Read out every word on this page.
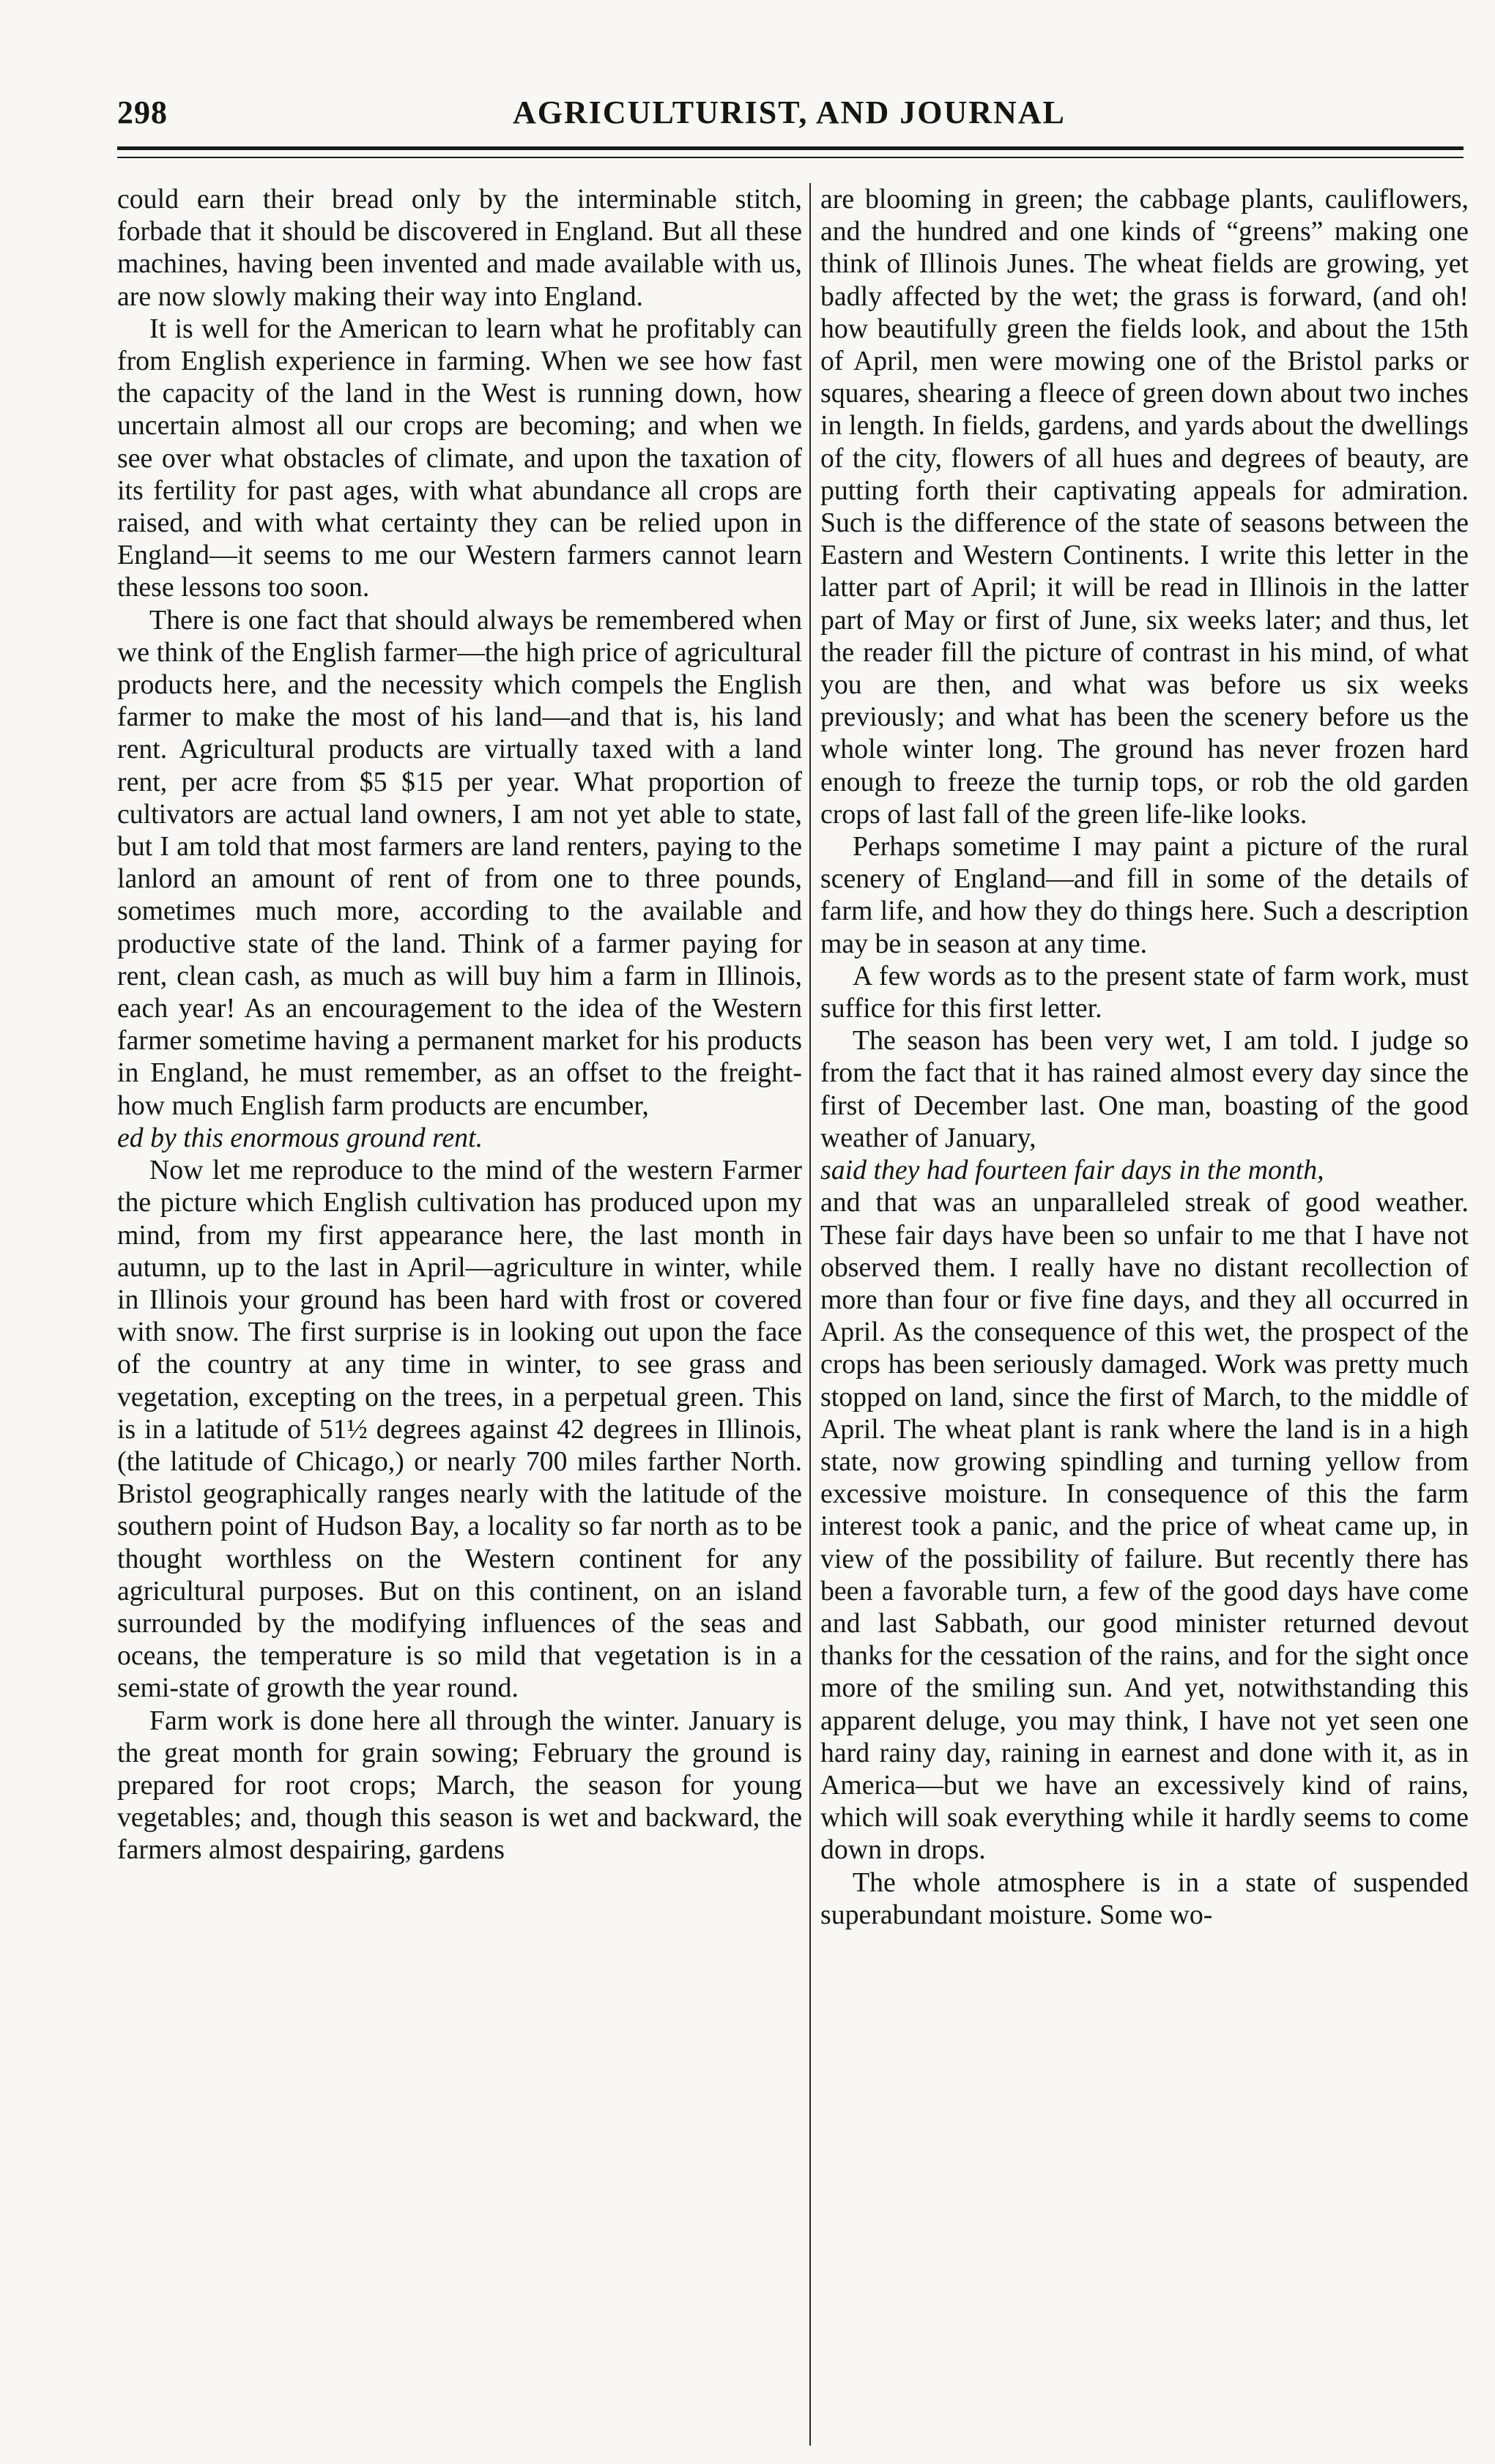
298	AGRICULTURIST, AND JOURNAL

could earn their bread only by the interminable stitch, forbade that it should be discovered in England. But all these machines, having been invented and made available with us, are now slowly making their way into England.

It is well for the American to learn what he profitably can from English experience in farming. When we see how fast the capacity of the land in the West is running down, how uncertain almost all our crops are becoming; and when we see over what obstacles of climate, and upon the taxation of its fertility for past ages, with what abundance all crops are raised, and with what certainty they can be relied upon in England—it seems to me our Western farmers cannot learn these lessons too soon.

There is one fact that should always be remembered when we think of the English farmer—the high price of agricultural products here, and the necessity which compels the English farmer to make the most of his land—and that is, his land rent. Agricultural products are virtually taxed with a land rent, per acre from $5 $15 per year. What proportion of cultivators are actual land owners, I am not yet able to state, but I am told that most farmers are land renters, paying to the lanlord an amount of rent of from one to three pounds, sometimes much more, according to the available and productive state of the land. Think of a farmer paying for rent, clean cash, as much as will buy him a farm in Illinois, each year! As an encouragement to the idea of the Western farmer sometime having a permanent market for his products in England, he must remember, as an offset to the freight- how much English farm products are encumber,

ed by this enormous ground rent.

Now let me reproduce to the mind of the western Farmer the picture which English cultivation has produced upon my mind, from my first appearance here, the last month in autumn, up to the last in April—agriculture in winter, while in Illinois your ground has been hard with frost or covered with snow. The first surprise is in looking out upon the face of the country at any time in winter, to see grass and vegetation, excepting on the trees, in a perpetual green. This is in a latitude of 51½ degrees against 42 degrees in Illinois, (the latitude of Chicago,) or nearly 700 miles farther North. Bristol geographically ranges nearly with the latitude of the southern point of Hudson Bay, a locality so far north as to be thought worthless on the Western continent for any agricultural purposes. But on this continent, on an island surrounded by the modifying influences of the seas and oceans, the temperature is so mild that vegetation is in a semi-state of growth the year round.

Farm work is done here all through the winter. January is the great month for grain sowing; February the ground is prepared for root crops; March, the season for young vegetables; and, though this season is wet and backward, the farmers almost despairing, gardens

are blooming in green; the cabbage plants, cauliflowers, and the hundred and one kinds of “greens” making one think of Illinois Junes. The wheat fields are growing, yet badly affected by the wet; the grass is forward, (and oh! how beautifully green the fields look, and about the 15th of April, men were mowing one of the Bristol parks or squares, shearing a fleece of green down about two inches in length. In fields, gardens, and yards about the dwellings of the city, flowers of all hues and degrees of beauty, are putting forth their captivating appeals for admiration. Such is the difference of the state of seasons between the Eastern and Western Continents. I write this letter in the latter part of April; it will be read in Illinois in the latter part of May or first of June, six weeks later; and thus, let the reader fill the picture of contrast in his mind, of what you are then, and what was before us six weeks previously; and what has been the scenery before us the whole winter long. The ground has never frozen hard enough to freeze the turnip tops, or rob the old garden crops of last fall of the green life-like looks.

Perhaps sometime I may paint a picture of the rural scenery of England—and fill in some of the details of farm life, and how they do things here. Such a description may be in season at any time.

A few words as to the present state of farm work, must suffice for this first letter.

The season has been very wet, I am told. I judge so from the fact that it has rained almost every day since the first of December last. One man, boasting of the good weather of January,

said they had fourteen fair days in the month,

and that was an unparalleled streak of good weather. These fair days have been so unfair to me that I have not observed them. I really have no distant recollection of more than four or five fine days, and they all occurred in April. As the consequence of this wet, the prospect of the crops has been seriously damaged. Work was pretty much stopped on land, since the first of March, to the middle of April. The wheat plant is rank where the land is in a high state, now growing spindling and turning yellow from excessive moisture. In consequence of this the farm interest took a panic, and the price of wheat came up, in view of the possibility of failure. But recently there has been a favorable turn, a few of the good days have come and last Sabbath, our good minister returned devout thanks for the cessation of the rains, and for the sight once more of the smiling sun. And yet, notwithstanding this apparent deluge, you may think, I have not yet seen one hard rainy day, raining in earnest and done with it, as in America—but we have an excessively kind of rains, which will soak everything while it hardly seems to come down in drops.

The whole atmosphere is in a state of suspended superabundant moisture. Some wo-
